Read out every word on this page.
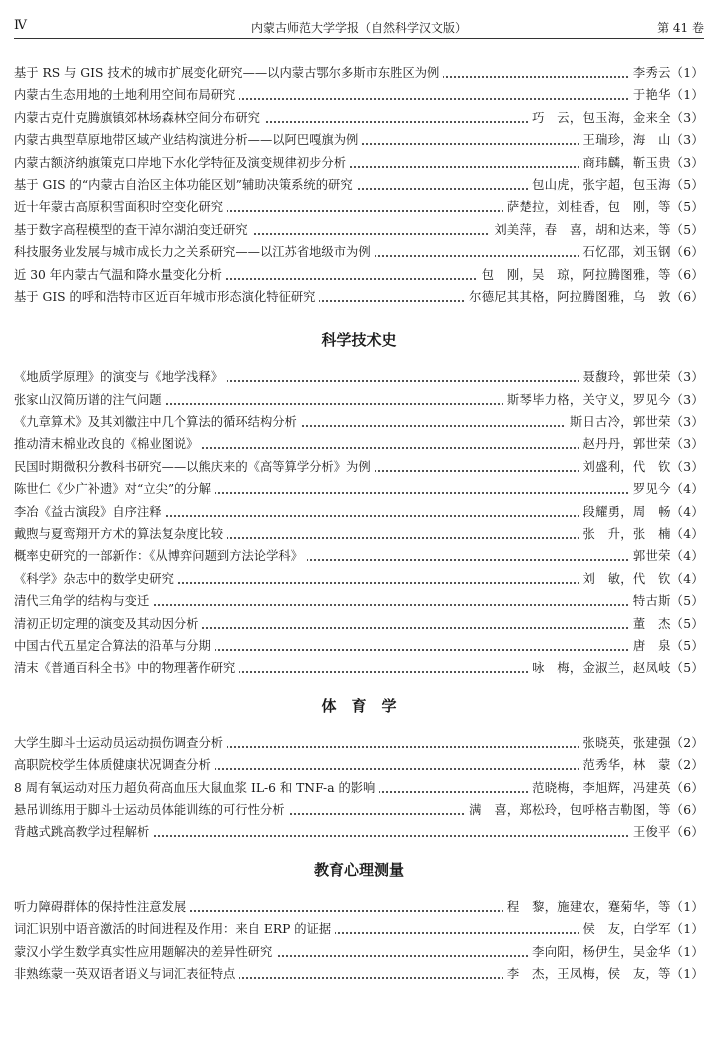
Ⅳ	内蒙古师范大学学报（自然科学汉文版）	第 41 卷
基于 RS 与 GIS 技术的城市扩展变化研究——以内蒙古鄂尔多斯市东胜区为例	李秀云（1）
内蒙古生态用地的土地利用空间布局研究	于艳华（1）
内蒙古克什克腾旗镇郊林场森林空间分布研究	巧　云，包玉海，金来全（3）
内蒙古典型草原地带区域产业结构演进分析——以阿巴嘎旗为例	王瑞珍，海　山（3）
内蒙古额济纳旗策克口岸地下水化学特征及演变规律初步分析	商玮麟，靳玉贵（3）
基于 GIS 的“内蒙古自治区主体功能区划”辅助决策系统的研究	包山虎，张宇超，包玉海（5）
近十年蒙古高原积雪面积时空变化研究	萨楚拉，刘桂香，包　刚，等（5）
基于数字高程模型的查干淖尔湖泊变迁研究	刘美萍，春　喜，胡和达来，等（5）
科技服务业发展与城市成长力之关系研究——以江苏省地级市为例	石忆邵，刘玉钢（6）
近 30 年内蒙古气温和降水量变化分析	包　刚，吴　琼，阿拉腾图雅，等（6）
基于 GIS 的呼和浩特市区近百年城市形态演化特征研究	尔德尼其其格，阿拉腾图雅，乌　敦（6）
科学技术史
《地质学原理》的演变与《地学浅释》	聂馥玲，郭世荣（3）
张家山汉简历谱的注气问题	斯琴毕力格，关守义，罗见今（3）
《九章算术》及其刘徽注中几个算法的循环结构分析	斯日古冷，郭世荣（3）
推动清末棉业改良的《棉业图说》	赵丹丹，郭世荣（3）
民国时期微积分教科书研究——以熊庆来的《高等算学分析》为例	刘盛利，代　钦（3）
陈世仁《少广补遗》对“立尖”的分解	罗见今（4）
李冶《益古演段》自序注释	段耀勇，周　畅（4）
戴煦与夏鸾翔开方术的算法复杂度比较	张　升，张　楠（4）
概率史研究的一部新作：《从博弈问题到方法论学科》	郭世荣（4）
《科学》杂志中的数学史研究	刘　敏，代　钦（4）
清代三角学的结构与变迁	特古斯（5）
清初正切定理的演变及其动因分析	董　杰（5）
中国古代五星定合算法的沿革与分期	唐　泉（5）
清末《普通百科全书》中的物理著作研究	咏　梅，金淑兰，赵凤岐（5）
体　育　学
大学生脚斗士运动员运动损伤调查分析	张晓英，张建强（2）
高职院校学生体质健康状况调查分析	范秀华，林　蒙（2）
8 周有氧运动对压力超负荷高血压大鼠血浆 IL-6 和 TNF-a 的影响	范晓梅，李旭辉，冯建英（6）
悬吊训练用于脚斗士运动员体能训练的可行性分析	满　喜，郑松玲，包呼格吉勒图，等（6）
背越式跳高教学过程解析	王俊平（6）
教育心理测量
听力障碍群体的保持性注意发展	程　黎，施建农，蹇菊华，等（1）
词汇识别中语音激活的时间进程及作用：来自 ERP 的证据	侯　友，白学军（1）
蒙汉小学生数学真实性应用题解决的差异性研究	李向阳，杨伊生，吴金华（1）
非熟练蒙一英双语者语义与词汇表征特点	李　杰，王凤梅，侯　友，等（1）
